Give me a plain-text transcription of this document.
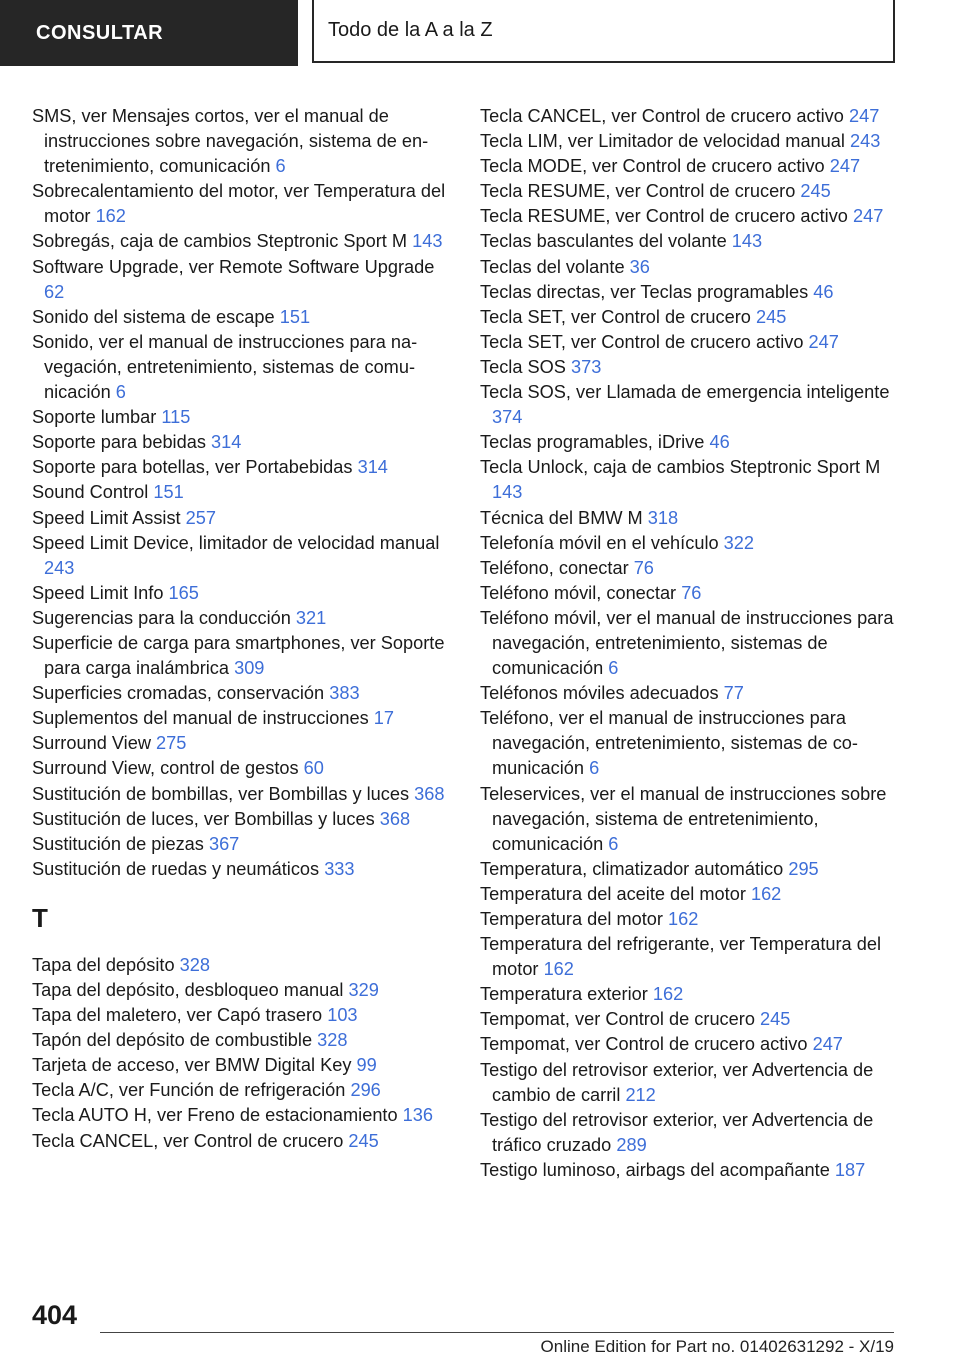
CONSULTAR	Todo de la A a la Z
SMS, ver Mensajes cortos, ver el manual de instrucciones sobre navegación, sistema de entretenimiento, comunicación 6
Sobrecalentamiento del motor, ver Temperatura del motor 162
Sobregás, caja de cambios Steptronic Sport M 143
Software Upgrade, ver Remote Software Upgrade 62
Sonido del sistema de escape 151
Sonido, ver el manual de instrucciones para navegación, entretenimiento, sistemas de comunicación 6
Soporte lumbar 115
Soporte para bebidas 314
Soporte para botellas, ver Portabebidas 314
Sound Control 151
Speed Limit Assist 257
Speed Limit Device, limitador de velocidad manual 243
Speed Limit Info 165
Sugerencias para la conducción 321
Superficie de carga para smartphones, ver Soporte para carga inalámbrica 309
Superficies cromadas, conservación 383
Suplementos del manual de instrucciones 17
Surround View 275
Surround View, control de gestos 60
Sustitución de bombillas, ver Bombillas y luces 368
Sustitución de luces, ver Bombillas y luces 368
Sustitución de piezas 367
Sustitución de ruedas y neumáticos 333
T
Tapa del depósito 328
Tapa del depósito, desbloqueo manual 329
Tapa del maletero, ver Capó trasero 103
Tapón del depósito de combustible 328
Tarjeta de acceso, ver BMW Digital Key 99
Tecla A/C, ver Función de refrigeración 296
Tecla AUTO H, ver Freno de estacionamiento 136
Tecla CANCEL, ver Control de crucero 245
Tecla CANCEL, ver Control de crucero activo 247
Tecla LIM, ver Limitador de velocidad manual 243
Tecla MODE, ver Control de crucero activo 247
Tecla RESUME, ver Control de crucero 245
Tecla RESUME, ver Control de crucero activo 247
Teclas basculantes del volante 143
Teclas del volante 36
Teclas directas, ver Teclas programables 46
Tecla SET, ver Control de crucero 245
Tecla SET, ver Control de crucero activo 247
Tecla SOS 373
Tecla SOS, ver Llamada de emergencia inteligente 374
Teclas programables, iDrive 46
Tecla Unlock, caja de cambios Steptronic Sport M 143
Técnica del BMW M 318
Telefonía móvil en el vehículo 322
Teléfono, conectar 76
Teléfono móvil, conectar 76
Teléfono móvil, ver el manual de instrucciones para navegación, entretenimiento, sistemas de comunicación 6
Teléfonos móviles adecuados 77
Teléfono, ver el manual de instrucciones para navegación, entretenimiento, sistemas de comunicación 6
Teleservices, ver el manual de instrucciones sobre navegación, sistema de entretenimiento, comunicación 6
Temperatura, climatizador automático 295
Temperatura del aceite del motor 162
Temperatura del motor 162
Temperatura del refrigerante, ver Temperatura del motor 162
Temperatura exterior 162
Tempomat, ver Control de crucero 245
Tempomat, ver Control de crucero activo 247
Testigo del retrovisor exterior, ver Advertencia de cambio de carril 212
Testigo del retrovisor exterior, ver Advertencia de tráfico cruzado 289
Testigo luminoso, airbags del acompañante 187
404
Online Edition for Part no. 01402631292 - X/19
